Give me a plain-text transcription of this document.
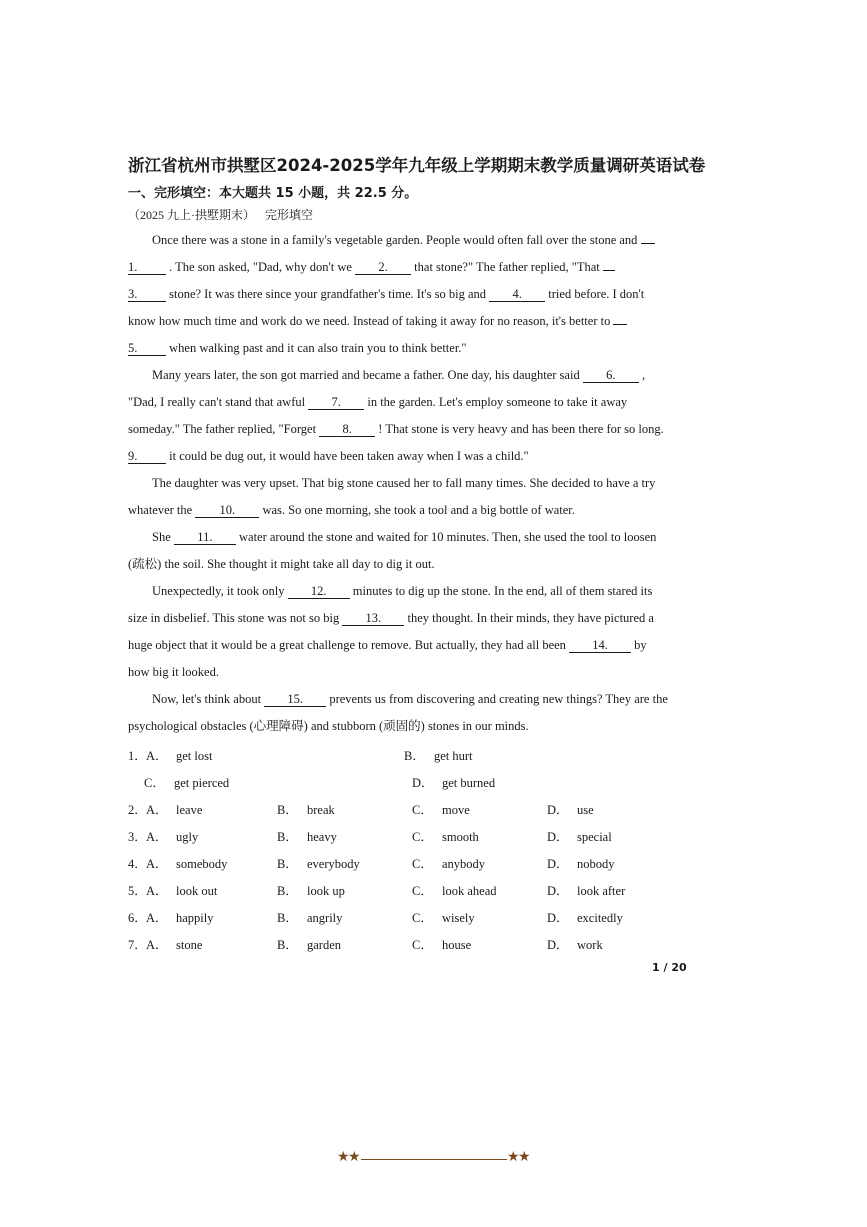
浙江省杭州市拱墅区2024-2025学年九年级上学期期末教学质量调研英语试卷
一、完形填空：本大题共 15 小题，共 22.5 分。
（2025 九上·拱墅期末） 完形填空
Once there was a stone in a family's vegetable garden. People would often fall over the stone and
1.	. The son asked, "Dad, why don't we 2. that stone?" The father replied, "That
3.	stone? It was there since your grandfather's time. It's so big and 4. tried before. I don't
know how much time and work do we need. Instead of taking it away for no reason, it's better to
5.	when walking past and it can also train you to think better."
Many years later, the son got married and became a father. One day, his daughter said 6. ,
"Dad, I really can't stand that awful 7. in the garden. Let's employ someone to take it away
someday." The father replied, "Forget 8. ! That stone is very heavy and has been there for so long.
9.	it could be dug out, it would have been taken away when I was a child."
The daughter was very upset. That big stone caused her to fall many times. She decided to have a try
whatever the 10. was. So one morning, she took a tool and a big bottle of water.
She 11. water around the stone and waited for 10 minutes. Then, she used the tool to loosen
(疏松) the soil. She thought it might take all day to dig it out.
Unexpectedly, it took only 12. minutes to dig up the stone. In the end, all of them stared its
size in disbelief. This stone was not so big 13. they thought. In their minds, they have pictured a
huge object that it would be a great challenge to remove. But actually, they had all been 14. by
how big it looked.
Now, let's think about 15. prevents us from discovering and creating new things? They are the
psychological obstacles (心理障碍) and stubborn (顽固的) stones in our minds.
1． A． get lost	B． get hurt
C． get pierced	D． get burned
2． A． leave	B． break	C． move	D． use
3． A． ugly	B． heavy	C． smooth	D． special
4． A． somebody	B． everybody	C． anybody	D． nobody
5． A． look out	B． look up	C． look ahead	D． look after
6． A． happily	B． angrily	C． wisely	D． excitedly
7． A． stone	B． garden	C． house	D． work
1 / 20
★
★	★
★
